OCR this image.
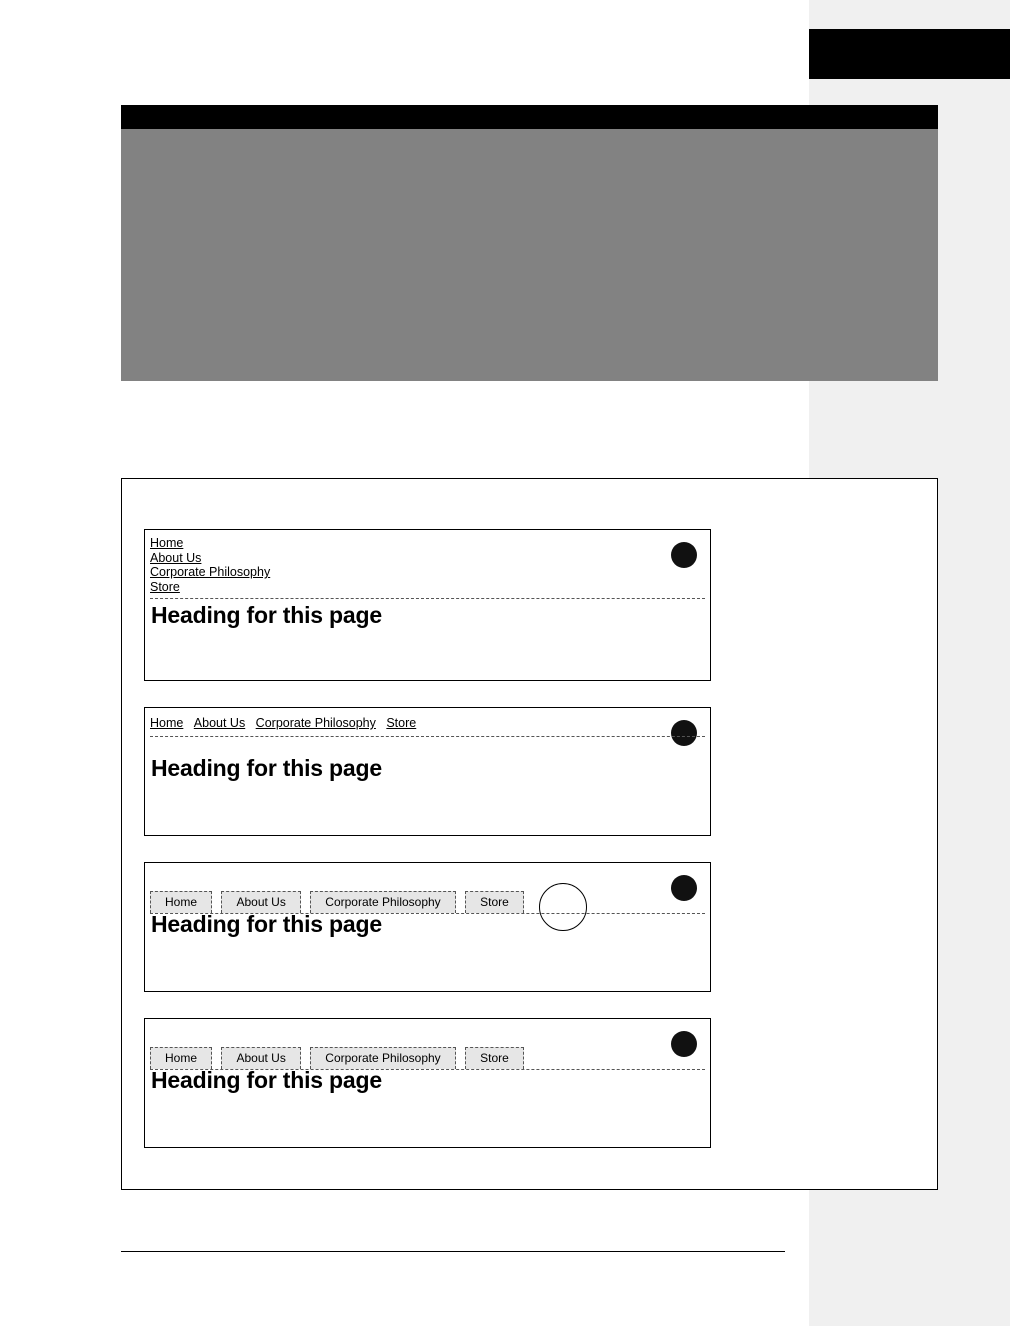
Home
About Us
Corporate Philosophy
Store
Heading for this page
Home About Us Corporate Philosophy Store
Heading for this page
Home	About Us	Corporate Philosophy	Store
Heading for this page
Home	About Us	Corporate Philosophy	Store
Heading for this page
